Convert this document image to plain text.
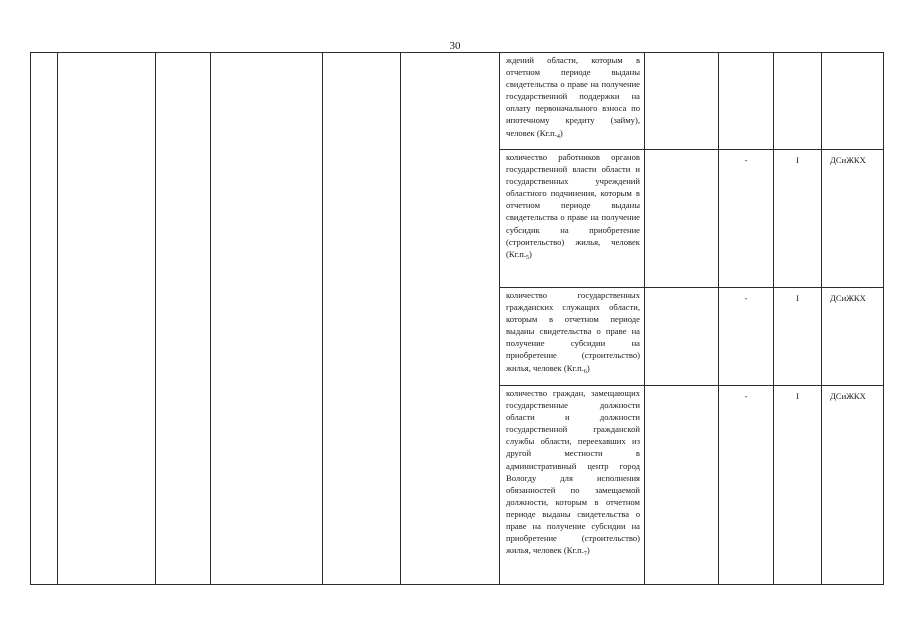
30
						ждений области, которым в отчетном периоде выданы свидетельства о праве на получение государственной поддержки на оплату первоначального взноса по ипотечному кредиту (займу), человек $(Кг.п._4)$				
						количество работников органов государственной власти области и государственных учреждений областного подчинения, которым в отчетном периоде выданы свидетельства о праве на получение субсидик на приобретение (строительство) жилья, человек $(Кг.п._5)$		-	I	ДСиЖКХ
						количество государственных гражданских служащих области, которым в отчетном периоде выданы свидетельства о праве на получение субсидии на приобретение (строительство) жилья, человек $(Кг.п._6)$		-	I	ДСиЖКХ
						количество граждан, замещающих государственные должности области и должности государственной гражданской службы области, переехавших из другой местности в административный центр город Вологду для исполнения обязанностей по замещаемой должности, которым в отчетном периоде выданы свидетельства о праве на получение субсидии на приобретение (строительство) жилья, человек $(Кг.п._7)$		-	I	ДСиЖКХ
